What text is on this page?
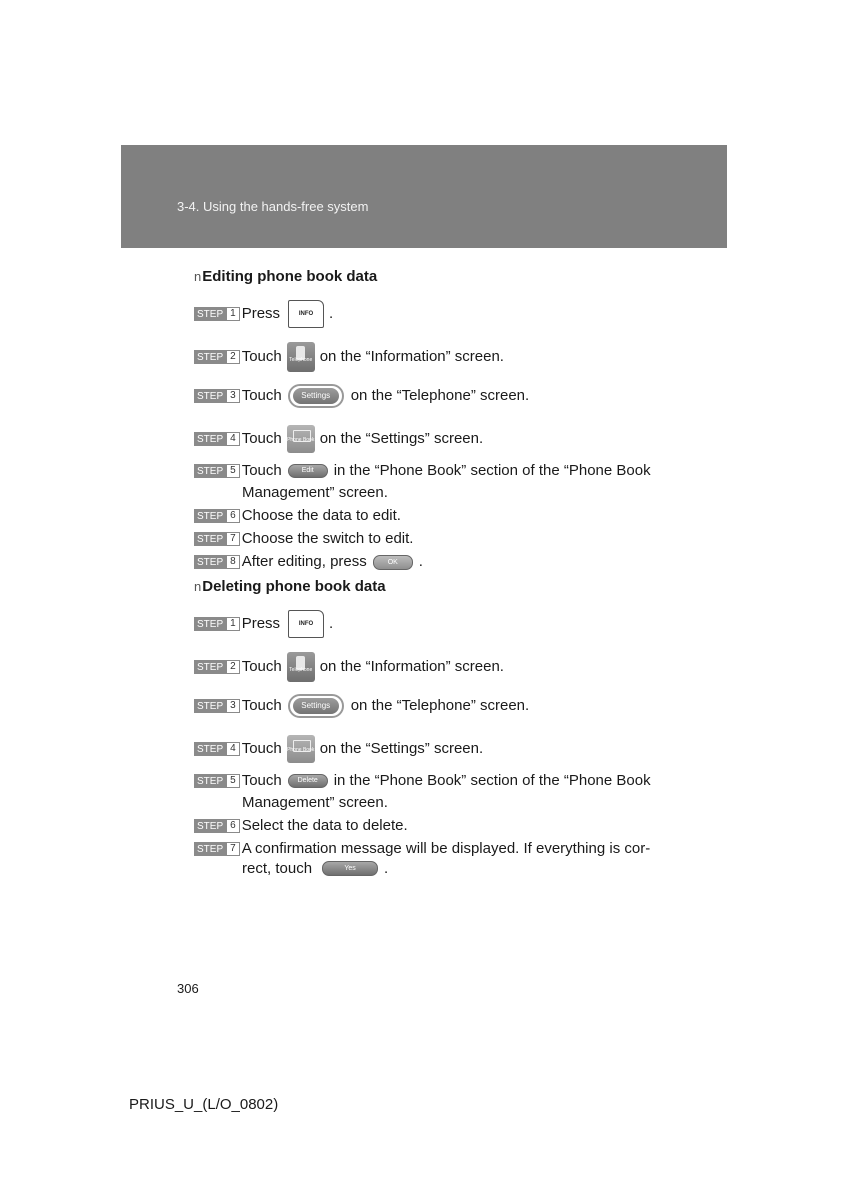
3-4. Using the hands-free system
nEditing phone book data
STEP 1 Press	INFO	.
STEP 2 Touch	Telephone on the “Information” screen.
STEP 3 Touch	Settings	on the “Telephone” screen.
STEP 4 Touch Phone Book on the “Settings” screen.
STEP 5 Touch	Edit	in the “Phone Book” section of the “Phone Book
Management” screen.
STEP 6 Choose the data to edit.
STEP 7 Choose the switch to edit.
STEP 8 After editing, press	OK	.
nDeleting phone book data
STEP 1 Press	INFO	.
STEP 2 Touch	Telephone on the “Information” screen.
STEP 3 Touch	Settings	on the “Telephone” screen.
STEP 4 Touch Phone Book on the “Settings” screen.
STEP 5 Touch	Delete	in the “Phone Book” section of the “Phone Book
Management” screen.
STEP 6 Select the data to delete.
STEP 7 A confirmation message will be displayed. If everything is cor-
rect, touch	Yes	.
306
PRIUS_U_(L/O_0802)
